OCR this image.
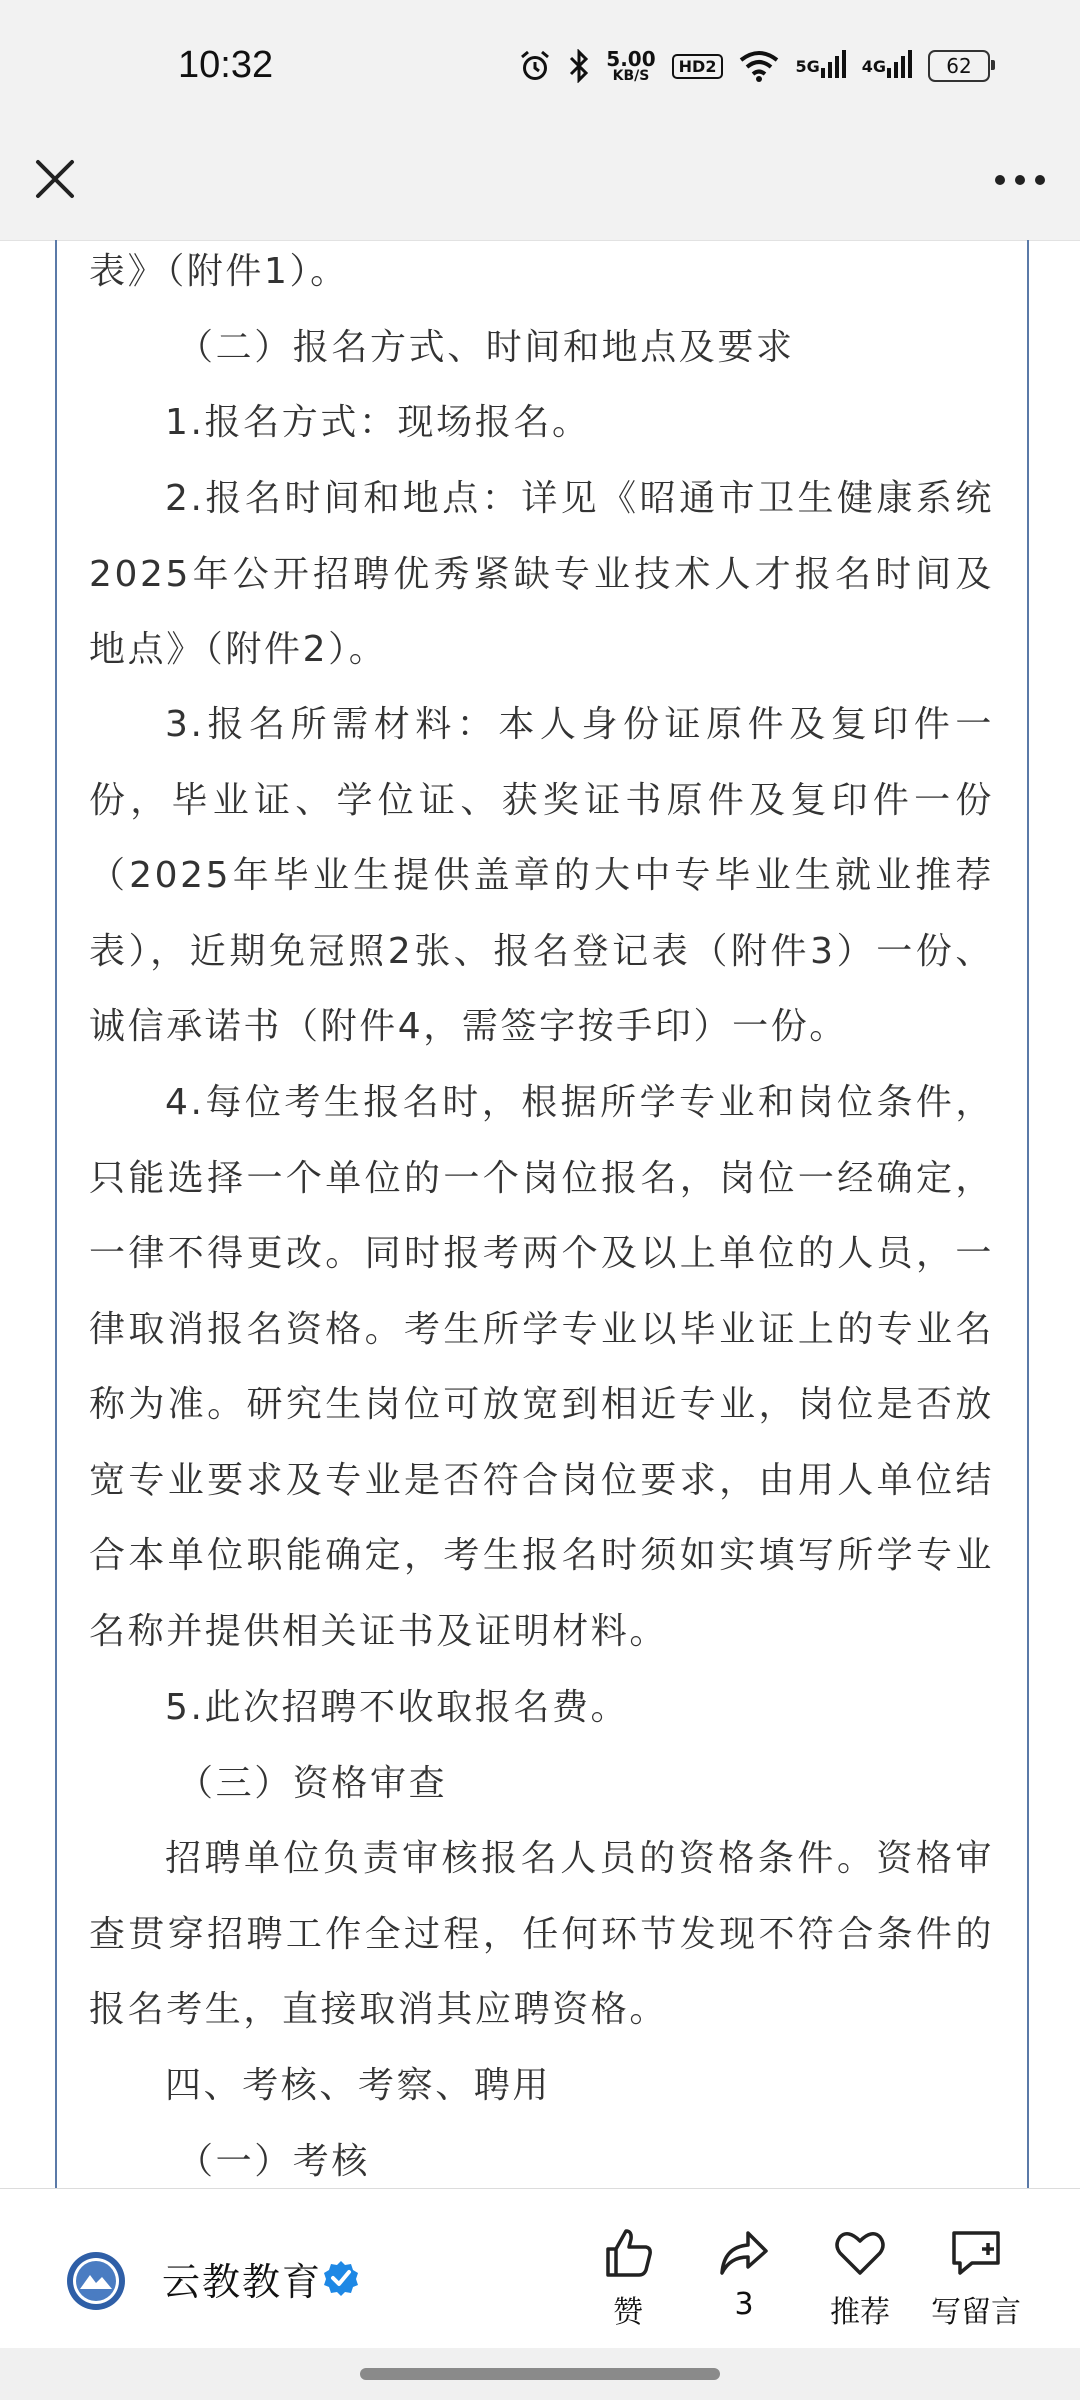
10:32	5.00
KB/S
HD2	5G	4G	62

表》（附件1）。

（二）报名方式、时间和地点及要求

1.报名方式：现场报名。

2.报名时间和地点：详见《昭通市卫生健康系统2025年公开招聘优秀紧缺专业技术人才报名时间及地点》（附件2）。

3.报名所需材料：本人身份证原件及复印件一份，毕业证、学位证、获奖证书原件及复印件一份（2025年毕业生提供盖章的大中专毕业生就业推荐表），近期免冠照2张、报名登记表（附件3）一份、诚信承诺书（附件4，需签字按手印）一份。

4.每位考生报名时，根据所学专业和岗位条件，只能选择一个单位的一个岗位报名，岗位一经确定，一律不得更改。同时报考两个及以上单位的人员，一律取消报名资格。考生所学专业以毕业证上的专业名称为准。研究生岗位可放宽到相近专业，岗位是否放宽专业要求及专业是否符合岗位要求，由用人单位结合本单位职能确定，考生报名时须如实填写所学专业名称并提供相关证书及证明材料。

5.此次招聘不收取报名费。

（三）资格审查

招聘单位负责审核报名人员的资格条件。资格审查贯穿招聘工作全过程，任何环节发现不符合条件的报名考生，直接取消其应聘资格。

四、考核、考察、聘用

（一）考核

云教教育
赞	3	推荐 写留言
